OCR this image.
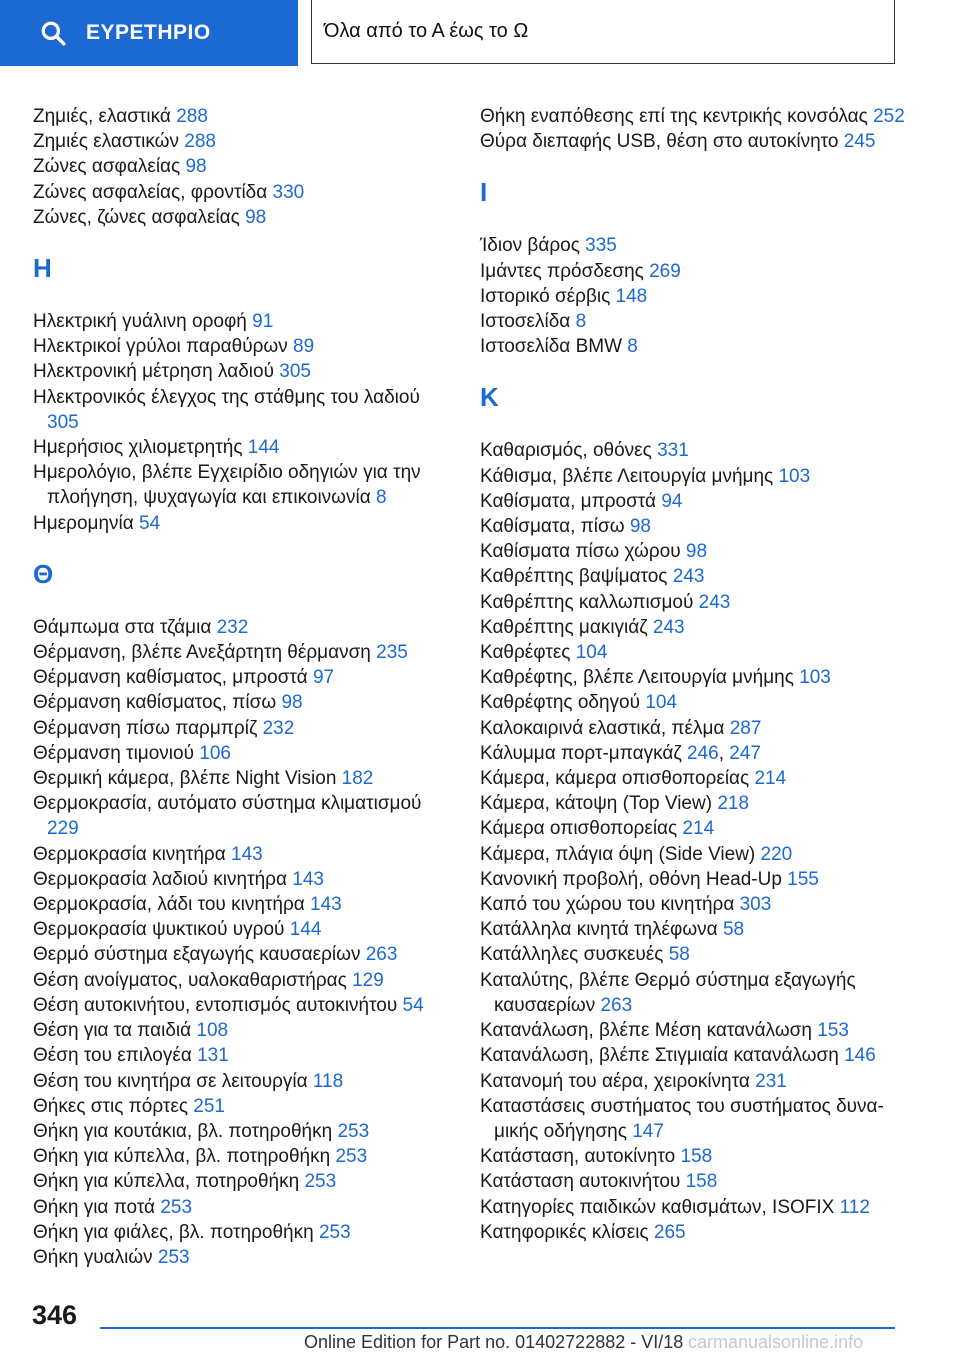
ΕΥΡΕΤΗΡΙΟ	Όλα από το Α έως το Ω
Ζημιές, ελαστικά 288
Ζημιές ελαστικών 288
Ζώνες ασφαλείας 98
Ζώνες ασφαλείας, φροντίδα 330
Ζώνες, ζώνες ασφαλείας 98
Η
Ηλεκτρική γυάλινη οροφή 91
Ηλεκτρικοί γρύλοι παραθύρων 89
Ηλεκτρονική μέτρηση λαδιού 305
Ηλεκτρονικός έλεγχος της στάθμης του λαδιού 305
Ημερήσιος χιλιομετρητής 144
Ημερολόγιο, βλέπε Εγχειρίδιο οδηγιών για την πλοήγηση, ψυχαγωγία και επικοινωνία 8
Ημερομηνία 54
Θ
Θάμπωμα στα τζάμια 232
Θέρμανση, βλέπε Ανεξάρτητη θέρμανση 235
Θέρμανση καθίσματος, μπροστά 97
Θέρμανση καθίσματος, πίσω 98
Θέρμανση πίσω παρμπρίζ 232
Θέρμανση τιμονιού 106
Θερμική κάμερα, βλέπε Night Vision 182
Θερμοκρασία, αυτόματο σύστημα κλιματισμού 229
Θερμοκρασία κινητήρα 143
Θερμοκρασία λαδιού κινητήρα 143
Θερμοκρασία, λάδι του κινητήρα 143
Θερμοκρασία ψυκτικού υγρού 144
Θερμό σύστημα εξαγωγής καυσαερίων 263
Θέση ανοίγματος, υαλοκαθαριστήρας 129
Θέση αυτοκινήτου, εντοπισμός αυτοκινήτου 54
Θέση για τα παιδιά 108
Θέση του επιλογέα 131
Θέση του κινητήρα σε λειτουργία 118
Θήκες στις πόρτες 251
Θήκη για κουτάκια, βλ. ποτηροθήκη 253
Θήκη για κύπελλα, βλ. ποτηροθήκη 253
Θήκη για κύπελλα, ποτηροθήκη 253
Θήκη για ποτά 253
Θήκη για φιάλες, βλ. ποτηροθήκη 253
Θήκη γυαλιών 253
Θήκη εναπόθεσης επί της κεντρικής κονσόλας 252
Θύρα διεπαφής USB, θέση στο αυτοκίνητο 245
Ι
Ίδιον βάρος 335
Ιμάντες πρόσδεσης 269
Ιστορικό σέρβις 148
Ιστοσελίδα 8
Ιστοσελίδα BMW 8
Κ
Καθαρισμός, οθόνες 331
Κάθισμα, βλέπε Λειτουργία μνήμης 103
Καθίσματα, μπροστά 94
Καθίσματα, πίσω 98
Καθίσματα πίσω χώρου 98
Καθρέπτης βαψίματος 243
Καθρέπτης καλλωπισμού 243
Καθρέπτης μακιγιάζ 243
Καθρέφτες 104
Καθρέφτης, βλέπε Λειτουργία μνήμης 103
Καθρέφτης οδηγού 104
Καλοκαιρινά ελαστικά, πέλμα 287
Κάλυμμα πορτ-μπαγκάζ 246, 247
Κάμερα, κάμερα οπισθοπορείας 214
Κάμερα, κάτοψη (Top View) 218
Κάμερα οπισθοπορείας 214
Κάμερα, πλάγια όψη (Side View) 220
Κανονική προβολή, οθόνη Head-Up 155
Καπό του χώρου του κινητήρα 303
Κατάλληλα κινητά τηλέφωνα 58
Κατάλληλες συσκευές 58
Καταλύτης, βλέπε Θερμό σύστημα εξαγωγής καυσαερίων 263
Κατανάλωση, βλέπε Μέση κατανάλωση 153
Κατανάλωση, βλέπε Στιγμιαία κατανάλωση 146
Κατανομή του αέρα, χειροκίνητα 231
Καταστάσεις συστήματος του συστήματος δυναμικής οδήγησης 147
Κατάσταση, αυτοκίνητο 158
Κατάσταση αυτοκινήτου 158
Κατηγορίες παιδικών καθισμάτων, ISOFIX 112
Κατηφορικές κλίσεις 265
346
Online Edition for Part no. 01402722882 - VI/18 carmanualsonline.info
